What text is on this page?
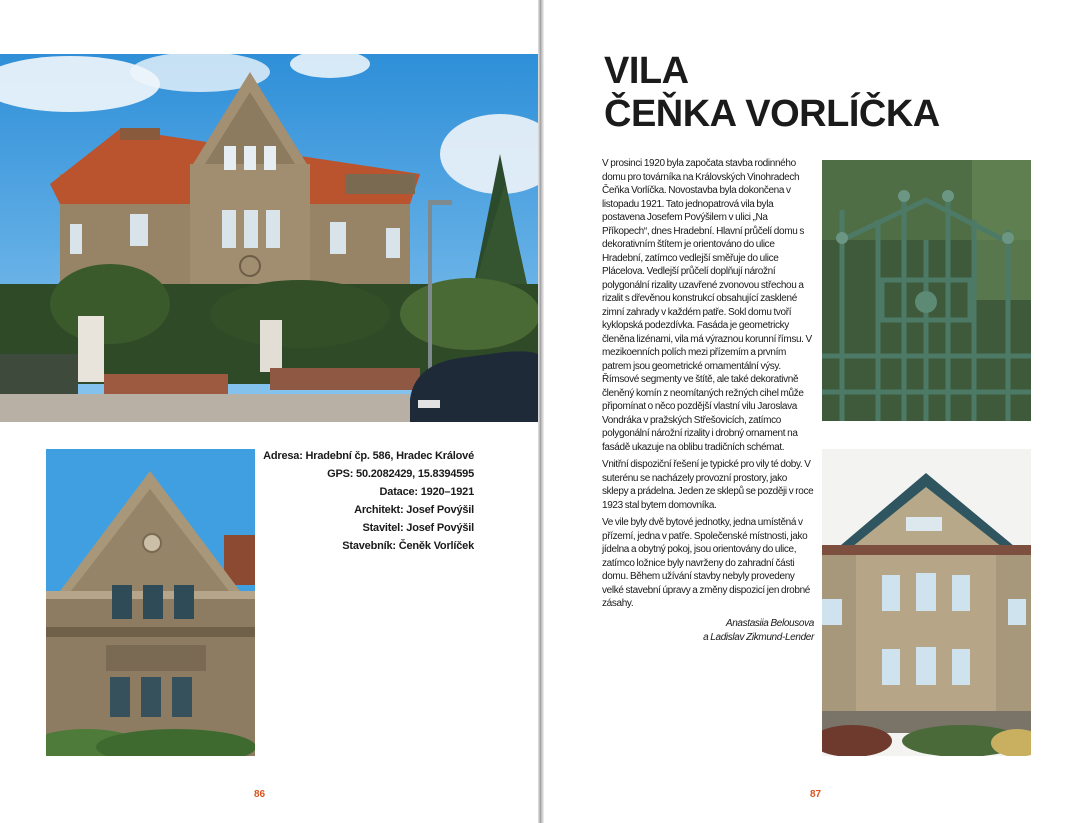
Adresa: Hradební čp. 586, Hradec Králové
GPS: 50.2082429, 15.8394595
Datace: 1920–1921
Architekt: Josef Povýšil
Stavitel: Josef Povýšil
Stavebník: Čeněk Vorlíček
86
VILA
ČEŇKA VORLÍČKA

V prosinci 1920 byla započata stavba rodinného domu pro továrníka na Královských Vinohradech Čeňka Vorlíčka. Novostavba byla dokončena v listopadu 1921. Tato jednopatrová vila byla postavena Josefem Povýšilem v ulici „Na Příkopech“, dnes Hradební. Hlavní průčelí domu s dekorativním štítem je orientováno do ulice Hradební, zatímco vedlejší směřuje do ulice Plácelova. Vedlejší průčelí doplňují nárožní polygonální rizality uzavřené zvonovou střechou a rizalit s dřevěnou konstrukcí obsahující zasklené zimní zahrady v každém patře. Sokl domu tvoří kyklopská podezdívka. Fasáda je geometricky členěna lizénami, vila má výraznou korunní římsu. V mezikoenních polích mezi přízemím a prvním patrem jsou geometrické ornamentální výsy. Římsové segmenty ve štítě, ale také dekorativně členěný komín z neomítaných režných cihel může připomínat o něco pozdější vlastní vilu Jaroslava Vondráka v pražských Střešovicích, zatímco polygonální nárožní rizality i drobný ornament na fasádě ukazuje na oblibu tradičních schémat.

Vnitřní dispoziční řešení je typické pro vily té doby. V suterénu se nacházely provozní prostory, jako sklepy a prádelna. Jeden ze sklepů se později v roce 1923 stal bytem domovníka.

Ve vile byly dvě bytové jednotky, jedna umístěná v přízemí, jedna v patře. Společenské místnosti, jako jídelna a obytný pokoj, jsou orientovány do ulice, zatímco ložnice byly navrženy do zahradní části domu. Během užívání stavby nebyly provedeny velké stavební úpravy a změny dispozicí jen drobné zásahy.

Anastasiia Belousova
a Ladislav Zikmund-Lender
87
